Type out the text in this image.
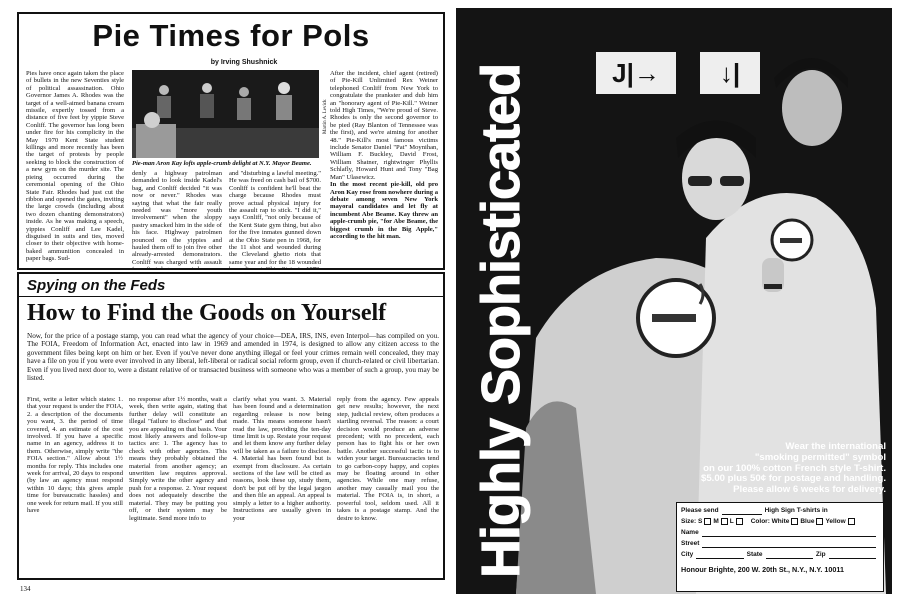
Pie Times for Pols
by Irving Shushnick
Pies have once again taken the place of bullets in the new Seventies style of political assassination. Ohio Governor James A. Rhodes was the target of a well-aimed banana cream missile, expertly tossed from a distance of five feet by yippie Steve Conliff. The governor has long been under fire for his complicity in the May 1970 Kent State student killings and more recently has been the target of protests by people seeking to block the construction of a new gym on the murder site. The pieing occurred during the ceremonial opening of the Ohio State Fair. Rhodes had just cut the ribbon and opened the gates, inviting the large crowds (including about two dozen chanting demonstrators) inside. As he was making a speech, yippies Conliff and Lee Kadel, disguised in suits and ties, moved closer to their objective with home-baked ammunition concealed in paper bags. Sud-
Martin A. Levick
Pie-man Aron Kay lofts apple-crumb delight at N.Y. Mayor Beame.
denly a highway patrolman demanded to look inside Kadel's bag, and Conliff decided "it was now or never." Rhodes was saying that what the fair really needed was "more youth involvement" when the sloppy pastry smacked him in the side of his face. Highway patrolmen pounced on the yippies and hauled them off to join five other already-arrested demonstrators. Conliff was charged with assault
and "disturbing a lawful meeting." He was freed on cash bail of $700. Conliff is confident he'll beat the charge because Rhodes must prove actual physical injury for the assault rap to stick. "I did it," says Conliff, "not only because of the Kent State gym thing, but also for the five inmates gunned down at the Ohio State pen in 1968, for the 11 shot and wounded during the Cleveland ghetto riots that same year and for the 18 wounded
After the incident, chief agent (retired) of Pie-Kill Unlimited Rex Weiner telephoned Conliff from New York to congratulate the prankster and dub him an "honorary agent of Pie-Kill." Weiner told High Times, "We're proud of Steve. Rhodes is only the second governor to be pied (Ray Blanton of Tennessee was the first), and we're aiming for another 48." Pie-Kill's most famous victims include Senator Daniel "Pat" Moynihan, William F. Buckley, David Frost, William Shatner, rightwinger Phyllis Schlafly, Howard Hunt and Tony "Bag Man" Ulasewicz.
In the most recent pie-kill, old pro Aron Kay rose from nowhere during a debate among seven New York mayoral candidates and let fly at incumbent Abe Beame. Kay threw an apple-crumb pie, "for Abe Beame, the biggest crumb in the Big Apple," according to the hit man.
Spying on the Feds
How to Find the Goods on Yourself
Now, for the price of a postage stamp, you can read what the agency of your choice—DEA, IRS, INS, even Interpol—has compiled on you. The FOIA, Freedom of Information Act, enacted into law in 1969 and amended in 1974, is designed to allow any citizen access to the government files being kept on him or her. Even if you've never done anything illegal or feel your crimes remain well concealed, they may have a file on you if you were ever involved in any liberal, left-liberal or radical social reform group, even if church-related or civil libertarian. Even if you lived next door to, were a distant relative of or transacted business with someone who was a member of such a group, you may be listed.
First, write a letter which states: 1. that your request is under the FOIA, 2. a description of the documents you want, 3. the period of time covered, 4. an estimate of the cost involved. If you have a specific name in an agency, address it to them. Otherwise, simply write "the FOIA section." Allow about 1½ months for reply. This includes one week for arrival, 20 days to respond (by law an agency must respond within 10 days; this gives ample time for bureaucratic hassles) and one week for return mail. If you still have
no response after 1½ months, wait a week, then write again, stating that further delay will constitute an illegal "failure to disclose" and that you are appealing on that basis. Your most likely answers and follow-up tactics are: 1. The agency has to check with other agencies. This means they probably obtained the material from another agency; an unwritten law requires approval. Simply write the other agency and push for a response. 2. Your request does not adequately describe the material. They may be putting you off, or their system may be legitimate. Send more info to
clarify what you want. 3. Material has been found and a determination regarding release is now being made. This means someone hasn't read the law, providing the ten-day time limit is up. Restate your request and let them know any further delay will be taken as a failure to disclose. 4. Material has been found but is exempt from disclosure. As certain sections of the law will be cited as reasons, look these up, study them, don't be put off by the legal jargon and then file an appeal. An appeal is simply a letter to a higher authority. Instructions are usually given in your
reply from the agency. Few appeals get new results; however, the next step, judicial review, often produces a startling reversal. The reason: a court decision would produce an adverse precedent; with no precedent, each person has to fight his or her own battle. Another successful tactic is to widen your target. Bureaucracies tend to go carbon-copy happy, and copies may be floating around in other agencies. While one may refuse, another may casually mail you the material. The FOIA is, in short, a powerful tool, seldom used. All it takes is a postage stamp. And the desire to know.
134
J|→	↓|
Highly Sophisticated	Wear the international
"smoking permitted" symbol
on our 100% cotton French style T-shirt.
$5.00 plus 50¢ for postage and handling.
Please allow 6 weeks for delivery.
Please send	High Sign T-shirts in
Size: S M L	Color: White Blue Yellow
Name
Street
City	State	Zip
Honour Brighte, 200 W. 20th St., N.Y., N.Y. 10011
